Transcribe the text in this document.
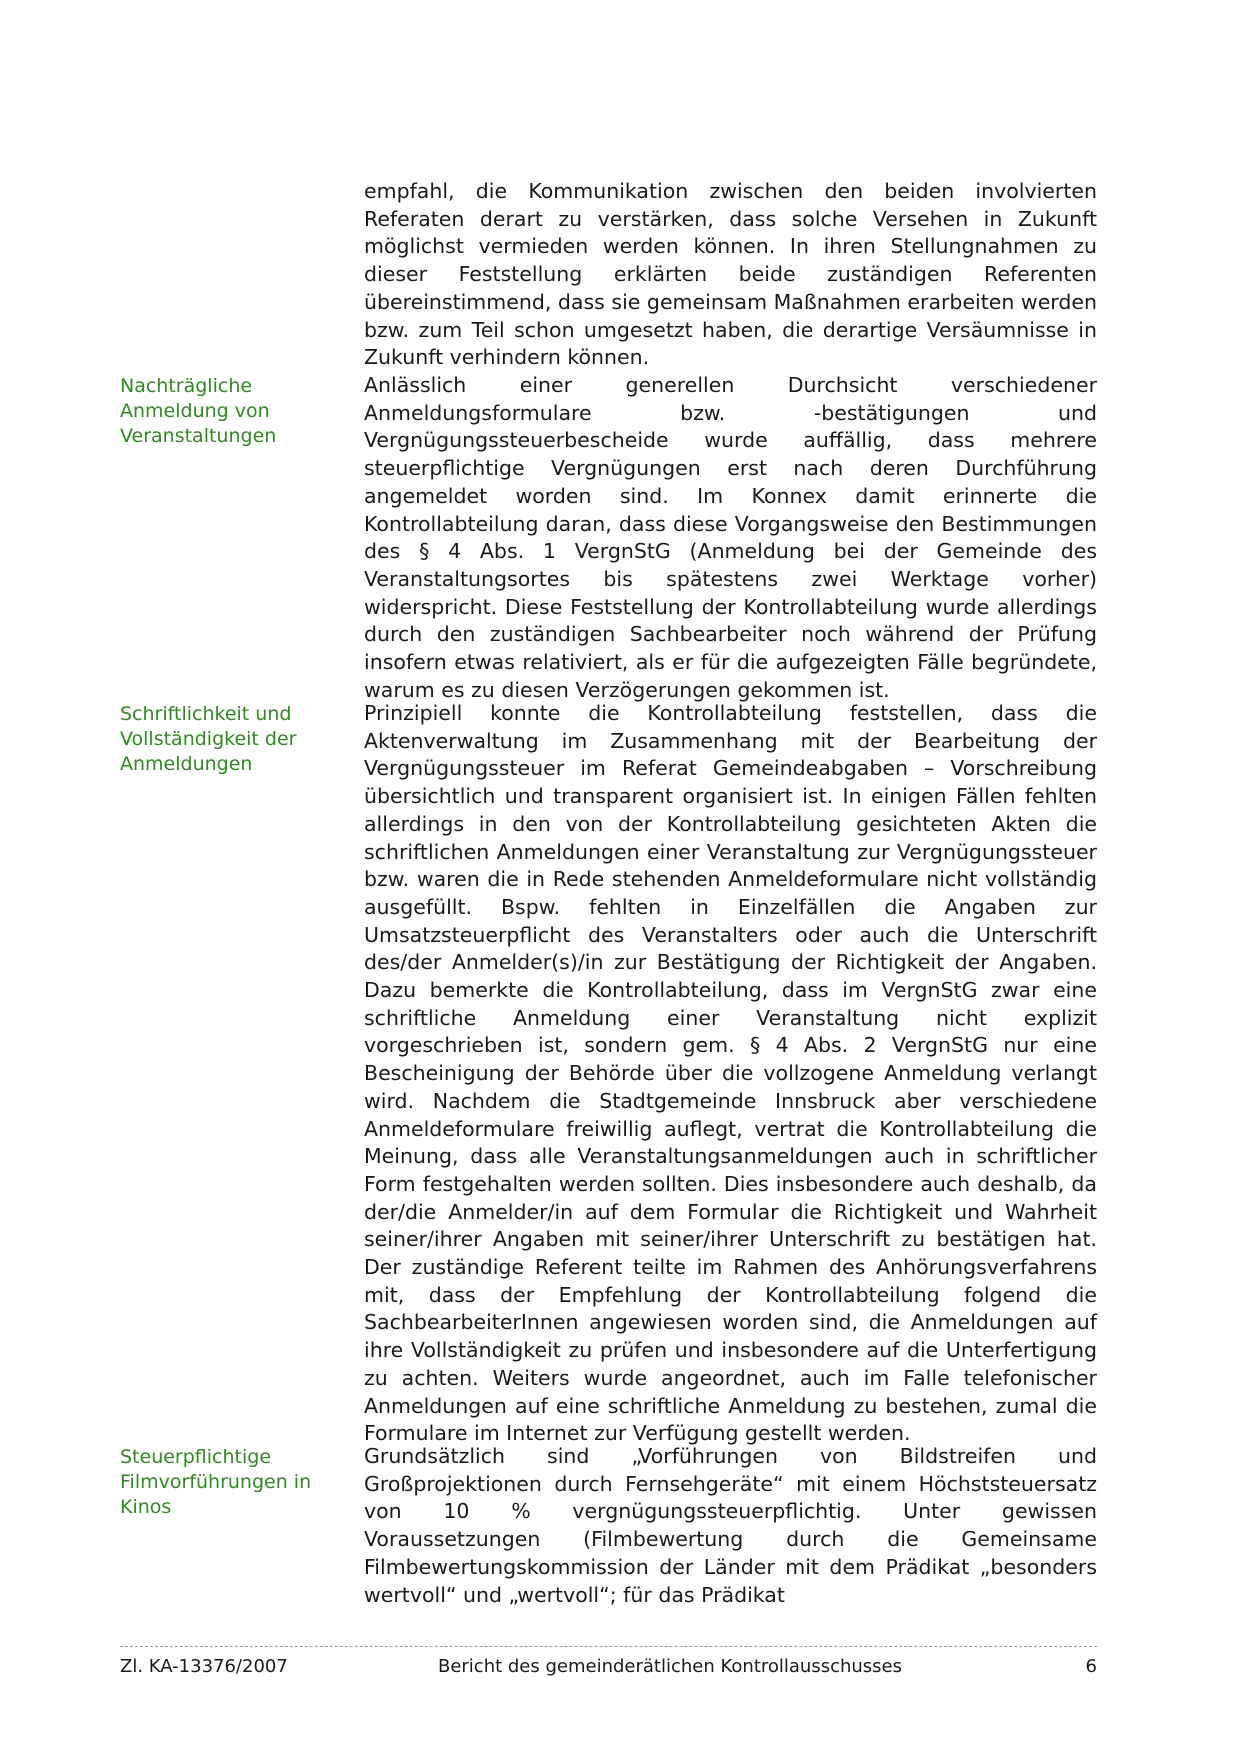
empfahl, die Kommunikation zwischen den beiden involvierten Referaten derart zu verstärken, dass solche Versehen in Zukunft möglichst vermieden werden können. In ihren Stellungnahmen zu dieser Feststellung erklärten beide zuständigen Referenten übereinstimmend, dass sie gemeinsam Maßnahmen erarbeiten werden bzw. zum Teil schon umgesetzt haben, die derartige Versäumnisse in Zukunft verhindern können.

Nachträgliche Anmeldung von Veranstaltungen

Anlässlich einer generellen Durchsicht verschiedener Anmeldungsformulare bzw. -bestätigungen und Vergnügungssteuerbescheide wurde auffällig, dass mehrere steuerpflichtige Vergnügungen erst nach deren Durchführung angemeldet worden sind. Im Konnex damit erinnerte die Kontrollabteilung daran, dass diese Vorgangsweise den Bestimmungen des § 4 Abs. 1 VergnStG (Anmeldung bei der Gemeinde des Veranstaltungsortes bis spätestens zwei Werktage vorher) widerspricht. Diese Feststellung der Kontrollabteilung wurde allerdings durch den zuständigen Sachbearbeiter noch während der Prüfung insofern etwas relativiert, als er für die aufgezeigten Fälle begründete, warum es zu diesen Verzögerungen gekommen ist.

Schriftlichkeit und Vollständigkeit der Anmeldungen

Prinzipiell konnte die Kontrollabteilung feststellen, dass die Aktenverwaltung im Zusammenhang mit der Bearbeitung der Vergnügungssteuer im Referat Gemeindeabgaben – Vorschreibung übersichtlich und transparent organisiert ist. In einigen Fällen fehlten allerdings in den von der Kontrollabteilung gesichteten Akten die schriftlichen Anmeldungen einer Veranstaltung zur Vergnügungssteuer bzw. waren die in Rede stehenden Anmeldeformulare nicht vollständig ausgefüllt. Bspw. fehlten in Einzelfällen die Angaben zur Umsatzsteuerpflicht des Veranstalters oder auch die Unterschrift des/der Anmelder(s)/in zur Bestätigung der Richtigkeit der Angaben. Dazu bemerkte die Kontrollabteilung, dass im VergnStG zwar eine schriftliche Anmeldung einer Veranstaltung nicht explizit vorgeschrieben ist, sondern gem. § 4 Abs. 2 VergnStG nur eine Bescheinigung der Behörde über die vollzogene Anmeldung verlangt wird. Nachdem die Stadtgemeinde Innsbruck aber verschiedene Anmeldeformulare freiwillig auflegt, vertrat die Kontrollabteilung die Meinung, dass alle Veranstaltungsanmeldungen auch in schriftlicher Form festgehalten werden sollten. Dies insbesondere auch deshalb, da der/die Anmelder/in auf dem Formular die Richtigkeit und Wahrheit seiner/ihrer Angaben mit seiner/ihrer Unterschrift zu bestätigen hat. Der zuständige Referent teilte im Rahmen des Anhörungsverfahrens mit, dass der Empfehlung der Kontrollabteilung folgend die SachbearbeiterInnen angewiesen worden sind, die Anmeldungen auf ihre Vollständigkeit zu prüfen und insbesondere auf die Unterfertigung zu achten. Weiters wurde angeordnet, auch im Falle telefonischer Anmeldungen auf eine schriftliche Anmeldung zu bestehen, zumal die Formulare im Internet zur Verfügung gestellt werden.

Steuerpflichtige Filmvorführungen in Kinos

Grundsätzlich sind „Vorführungen von Bildstreifen und Großprojektionen durch Fernsehgeräte“ mit einem Höchststeuersatz von 10 % vergnügungssteuerpflichtig. Unter gewissen Voraussetzungen (Filmbewertung durch die Gemeinsame Filmbewertungskommission der Länder mit dem Prädikat „besonders wertvoll“ und „wertvoll“; für das Prädikat

Zl. KA-13376/2007	Bericht des gemeinderätlichen Kontrollausschusses	6
